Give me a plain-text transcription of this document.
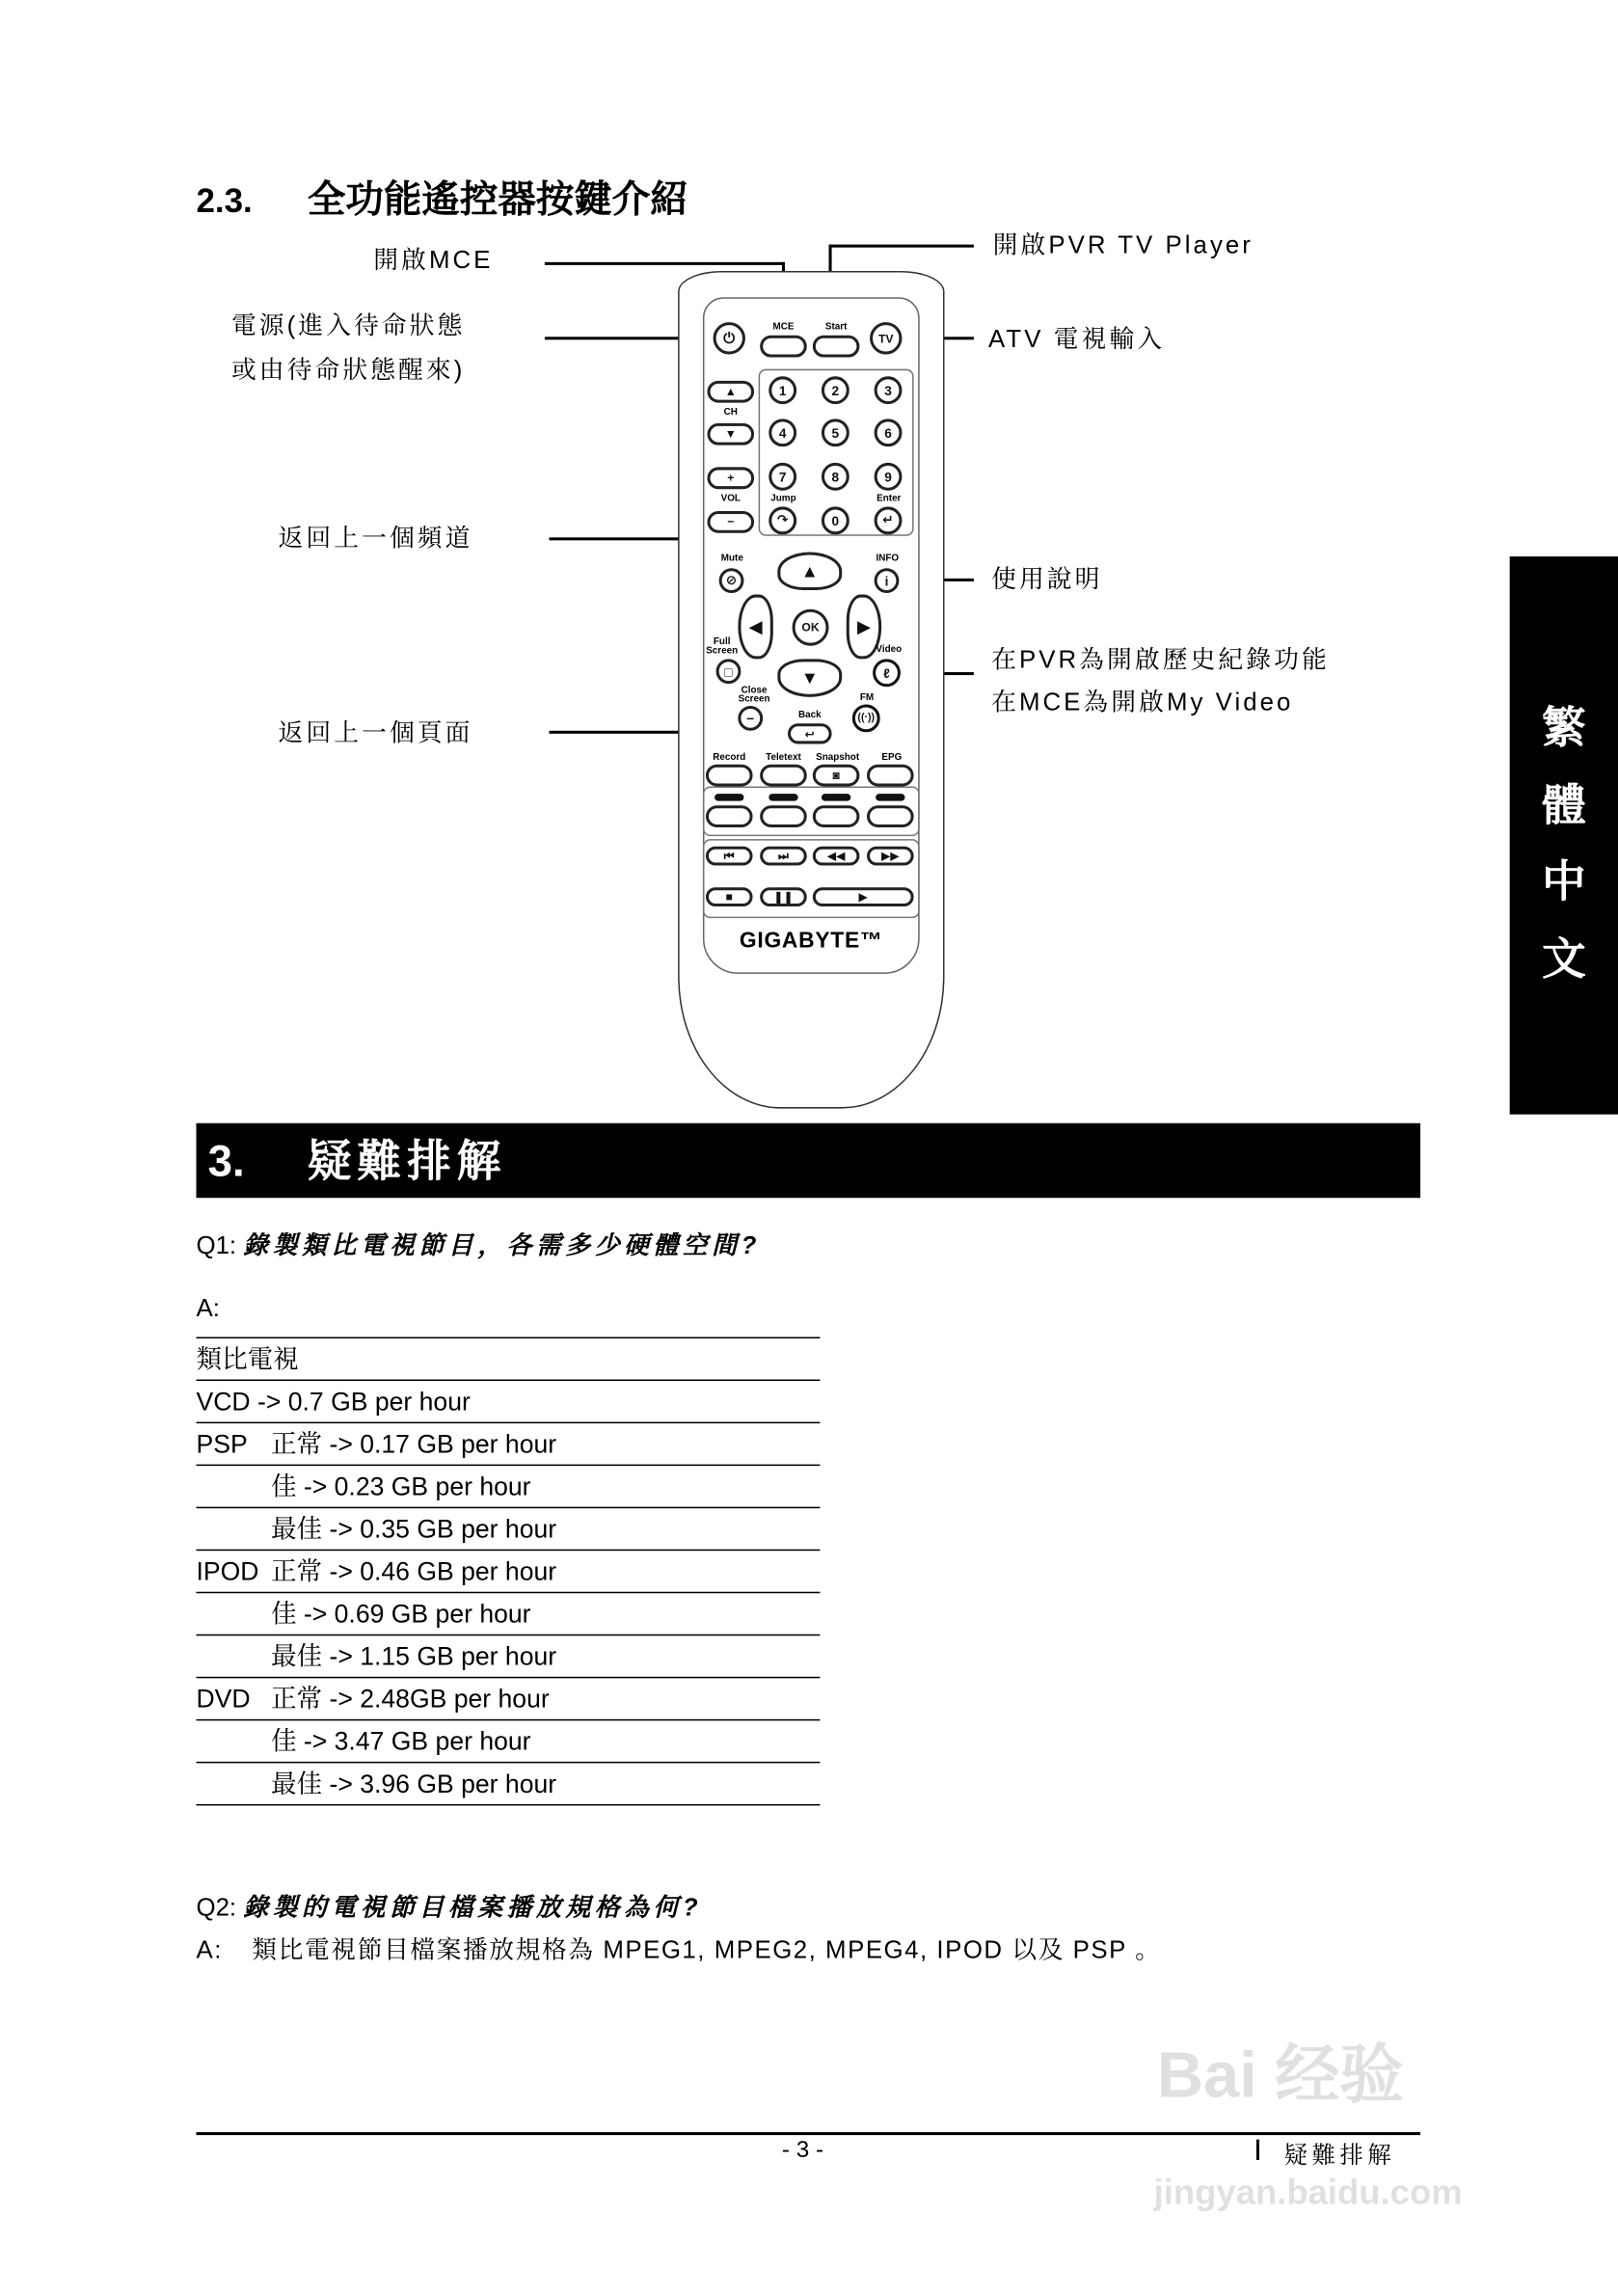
2.3. 全功能遙控器按鍵介紹
開啟MCE
開啟PVR TV Player
電源(進入待命狀態
或由待命狀態醒來)
ATV 電視輸入
返回上一個頻道
使用說明
在PVR為開啟歷史紀錄功能
在MCE為開啟My Video
返回上一個頁面
⏻
MCE	Start
TV
▲
CH
▼
+
VOL
−
1	2	3
4	5	6
7	8	9
Jump
↷	0
Enter
↵
Mute
⊘
INFO
i
▲
▼
◀	▶
OK
Full
Screen
□
Video
ℓ
Close
Screen
−
FM
((·))
Back
↩
Record	Teletext Snapshot	EPG
◙
⏮	⏭	◀◀	▶▶
■	❚❚	▶
GIGABYTE™
繁
體
中
文
3. 疑難排解
Q1: 錄製類比電視節目，各需多少硬體空間?
A:
類比電視
VCD -> 0.7 GB per hour
PSP 正常 -> 0.17 GB per hour
佳 -> 0.23 GB per hour
最佳 -> 0.35 GB per hour
IPOD 正常 -> 0.46 GB per hour
佳 -> 0.69 GB per hour
最佳 -> 1.15 GB per hour
DVD 正常 -> 2.48GB per hour
佳 -> 3.47 GB per hour
最佳 -> 3.96 GB per hour
Q2: 錄製的電視節目檔案播放規格為何?
A: 類比電視節目檔案播放規格為 MPEG1, MPEG2, MPEG4, IPOD 以及 PSP 。
- 3 -	疑難排解
Bai 经验
jingyan.baidu.com
